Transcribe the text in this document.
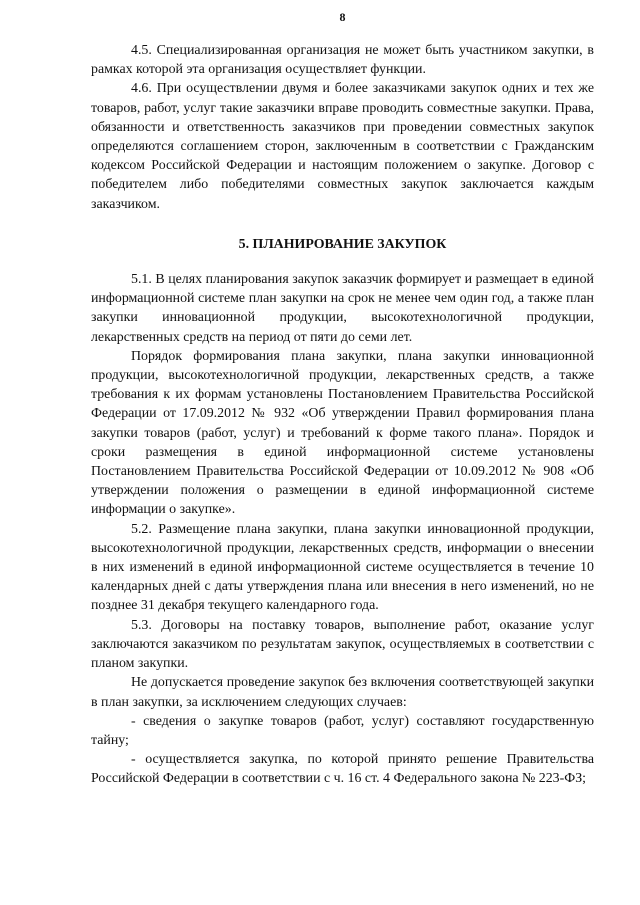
8

4.5. Специализированная организация не может быть участником закупки, в рамках которой эта организация осуществляет функции.

4.6. При осуществлении двумя и более заказчиками закупок одних и тех же товаров, работ, услуг такие заказчики вправе проводить совместные закупки. Права, обязанности и ответственность заказчиков при проведении совместных закупок определяются соглашением сторон, заключенным в соответствии с Гражданским кодексом Российской Федерации и настоящим положением о закупке. Договор с победителем либо победителями совместных закупок заключается каждым заказчиком.

5. ПЛАНИРОВАНИЕ ЗАКУПОК

5.1. В целях планирования закупок заказчик формирует и размещает в единой информационной системе план закупки на срок не менее чем один год, а также план закупки инновационной продукции, высокотехнологичной продукции, лекарственных средств на период от пяти до семи лет.

Порядок формирования плана закупки, плана закупки инновационной продукции, высокотехнологичной продукции, лекарственных средств, а также требования к их формам установлены Постановлением Правительства Российской Федерации от 17.09.2012 № 932 «Об утверждении Правил формирования плана закупки товаров (работ, услуг) и требований к форме такого плана». Порядок и сроки размещения в единой информационной системе установлены Постановлением Правительства Российской Федерации от 10.09.2012 № 908 «Об утверждении положения о размещении в единой информационной системе информации о закупке».

5.2. Размещение плана закупки, плана закупки инновационной продукции, высокотехнологичной продукции, лекарственных средств, информации о внесении в них изменений в единой информационной системе осуществляется в течение 10 календарных дней с даты утверждения плана или внесения в него изменений, но не позднее 31 декабря текущего календарного года.

5.3. Договоры на поставку товаров, выполнение работ, оказание услуг заключаются заказчиком по результатам закупок, осуществляемых в соответствии с планом закупки.

Не допускается проведение закупок без включения соответствующей закупки в план закупки, за исключением следующих случаев:

- сведения о закупке товаров (работ, услуг) составляют государственную тайну;

- осуществляется закупка, по которой принято решение Правительства Российской Федерации в соответствии с ч. 16 ст. 4 Федерального закона № 223-ФЗ;
